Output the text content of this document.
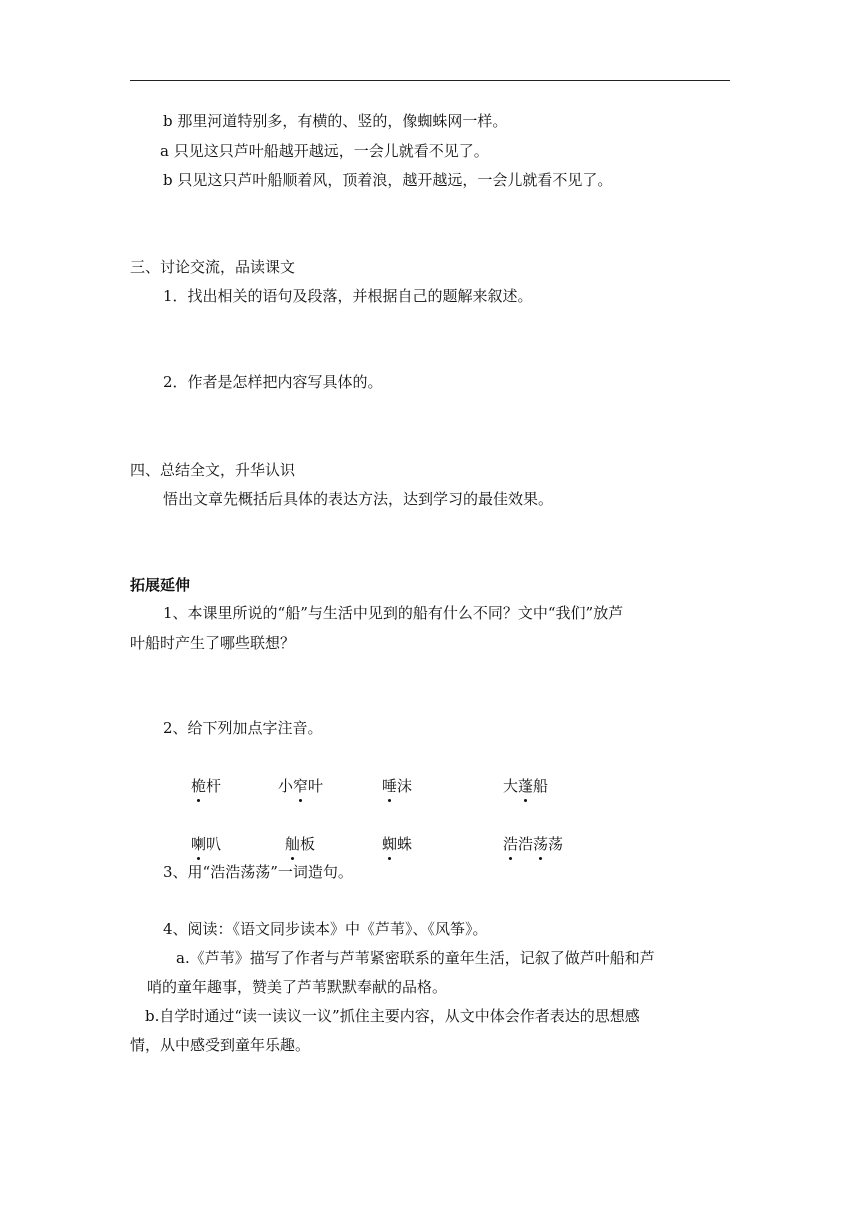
b 那里河道特别多，有横的、竖的，像蜘蛛网一样。
a 只见这只芦叶船越开越远，一会儿就看不见了。
b 只见这只芦叶船顺着风，顶着浪，越开越远，一会儿就看不见了。
三、讨论交流，品读课文
1．找出相关的语句及段落，并根据自己的题解来叙述。
2．作者是怎样把内容写具体的。
四、总结全文，升华认识
悟出文章先概括后具体的表达方法，达到学习的最佳效果。
拓展延伸
1、本课里所说的“船”与生活中见到的船有什么不同？文中“我们”放芦
叶船时产生了哪些联想？
2、给下列加点字注音。
桅杆	小窄叶	唾沫	大蓬船
喇叭	舢板	蜘蛛	浩浩荡荡
3、用“浩浩荡荡”一词造句。
4、阅读：《语文同步读本》中《芦苇》、《风筝》。
a.《芦苇》描写了作者与芦苇紧密联系的童年生活，记叙了做芦叶船和芦
哨的童年趣事，赞美了芦苇默默奉献的品格。
b.自学时通过“读一读议一议”抓住主要内容，从文中体会作者表达的思想感
情，从中感受到童年乐趣。
